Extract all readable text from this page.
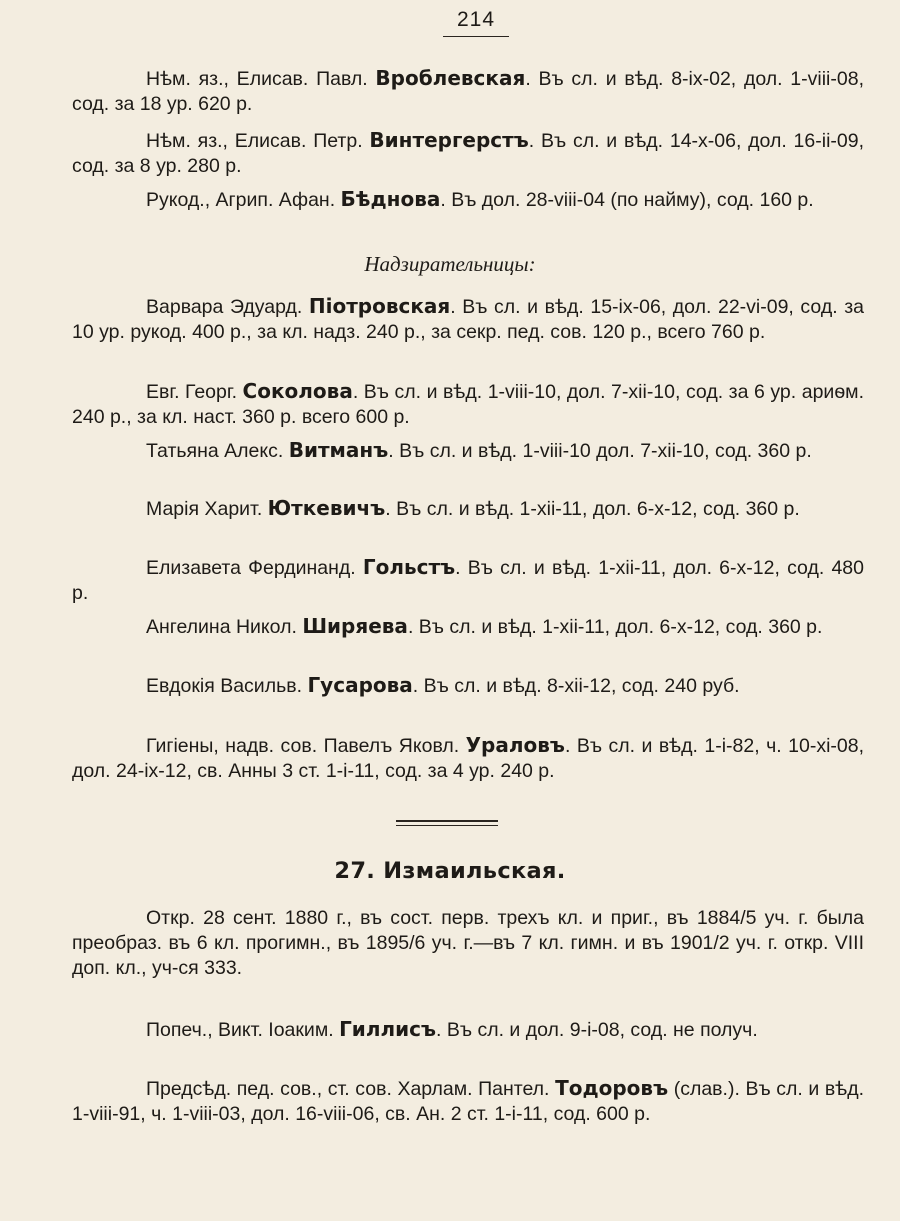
214

Нѣм. яз., Елисав. Павл. Вроблевская. Въ сл. и вѣд. 8-іх-02, дол. 1-viii-08, сод. за 18 ур. 620 р.

Нѣм. яз., Елисав. Петр. Винтергерстъ. Въ сл. и вѣд. 14-х-06, дол. 16-іі-09, сод. за 8 ур. 280 р.

Рукод., Агрип. Афан. Бѣднова. Въ дол. 28-viii-04 (по найму), сод. 160 р.

Надзирательницы:

Варвара Эдуард. Піотровская. Въ сл. и вѣд. 15-іх-06, дол. 22-vі-09, сод. за 10 ур. рукод. 400 р., за кл. надз. 240 р., за секр. пед. сов. 120 р., всего 760 р.

Евг. Георг. Соколова. Въ сл. и вѣд. 1-viii-10, дол. 7-хіі-10, сод. за 6 ур. ариѳм. 240 р., за кл. наст. 360 р. всего 600 р.

Татьяна Алекс. Витманъ. Въ сл. и вѣд. 1-viii-10 дол. 7-хіі-10, сод. 360 р.

Марія Харит. Юткевичъ. Въ сл. и вѣд. 1-хіі-11, дол. 6-х-12, сод. 360 р.

Елизавета Фердинанд. Гольстъ. Въ сл. и вѣд. 1-хіі-11, дол. 6-х-12, сод. 480 р.

Ангелина Никол. Ширяева. Въ сл. и вѣд. 1-хіі-11, дол. 6-х-12, сод. 360 р.

Евдокія Васильв. Гусарова. Въ сл. и вѣд. 8-хіі-12, сод. 240 руб.

Гигіены, надв. сов. Павелъ Яковл. Ураловъ. Въ сл. и вѣд. 1-і-82, ч. 10-хі-08, дол. 24-іх-12, св. Анны 3 ст. 1-і-11, сод. за 4 ур. 240 р.

27. Измаильская.

Откр. 28 сент. 1880 г., въ сост. перв. трехъ кл. и приг., въ 1884/5 уч. г. была преобраз. въ 6 кл. прогимн., въ 1895/6 уч. г.—въ 7 кл. гимн. и въ 1901/2 уч. г. откр. VIII доп. кл., уч-ся 333.

Попеч., Викт. Іоаким. Гиллисъ. Въ сл. и дол. 9-і-08, сод. не получ.

Предсѣд. пед. сов., ст. сов. Харлам. Пантел. Тодоровъ (слав.). Въ сл. и вѣд. 1-viii-91, ч. 1-viii-03, дол. 16-viii-06, св. Ан. 2 ст. 1-і-11, сод. 600 р.
